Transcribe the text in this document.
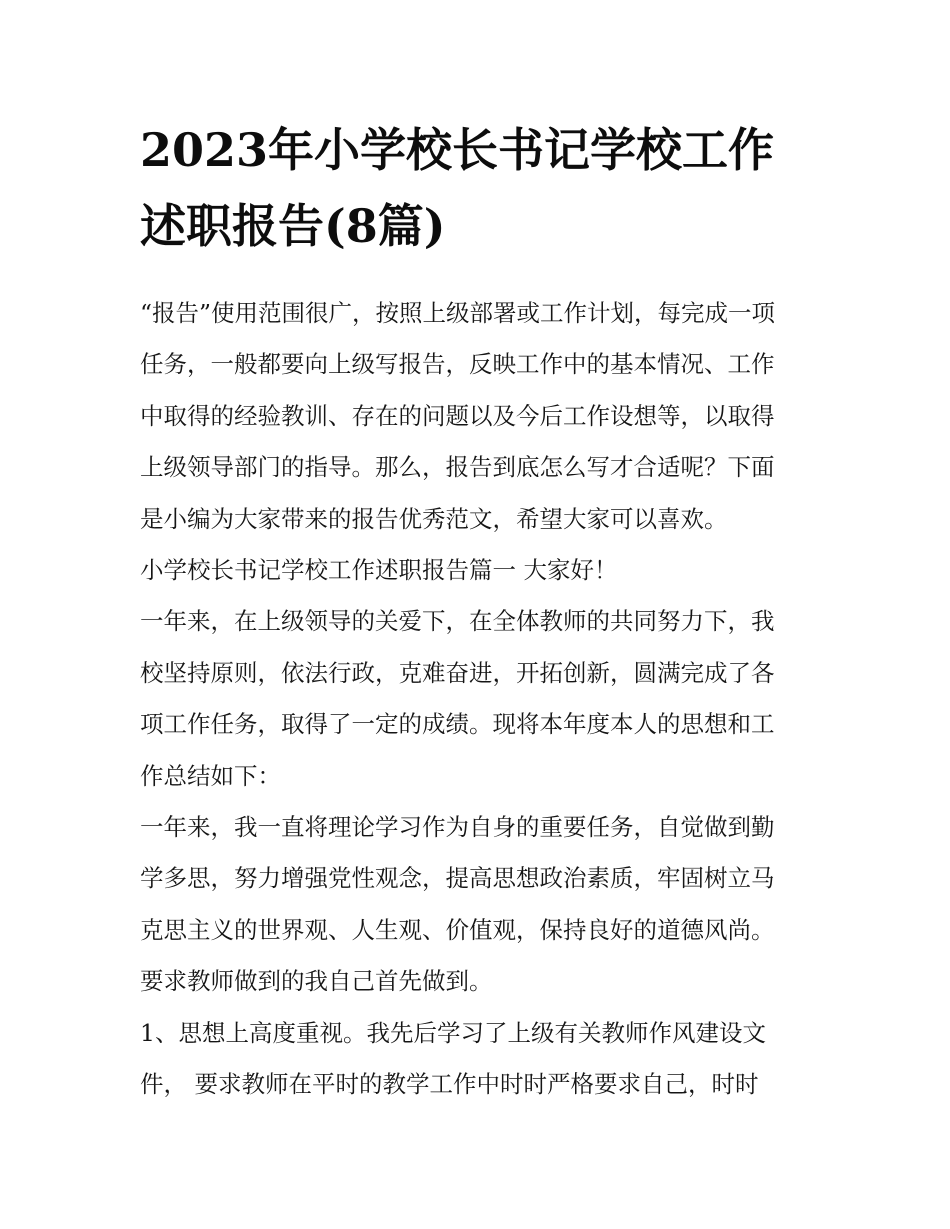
2023年小学校长书记学校工作
述职报告(8篇)
“报告”使用范围很广，按照上级部署或工作计划，每完成一项
任务，一般都要向上级写报告，反映工作中的基本情况、工作
中取得的经验教训、存在的问题以及今后工作设想等，以取得
上级领导部门的指导。那么，报告到底怎么写才合适呢？下面
是小编为大家带来的报告优秀范文，希望大家可以喜欢。
小学校长书记学校工作述职报告篇一 大家好！
一年来，在上级领导的关爱下，在全体教师的共同努力下，我
校坚持原则，依法行政，克难奋进，开拓创新，圆满完成了各
项工作任务，取得了一定的成绩。现将本年度本人的思想和工
作总结如下：
一年来，我一直将理论学习作为自身的重要任务，自觉做到勤
学多思，努力增强党性观念，提高思想政治素质，牢固树立马
克思主义的世界观、人生观、价值观，保持良好的道德风尚。
要求教师做到的我自己首先做到。
1、思想上高度重视。我先后学习了上级有关教师作风建设文
件， 要求教师在平时的教学工作中时时严格要求自己，时时
